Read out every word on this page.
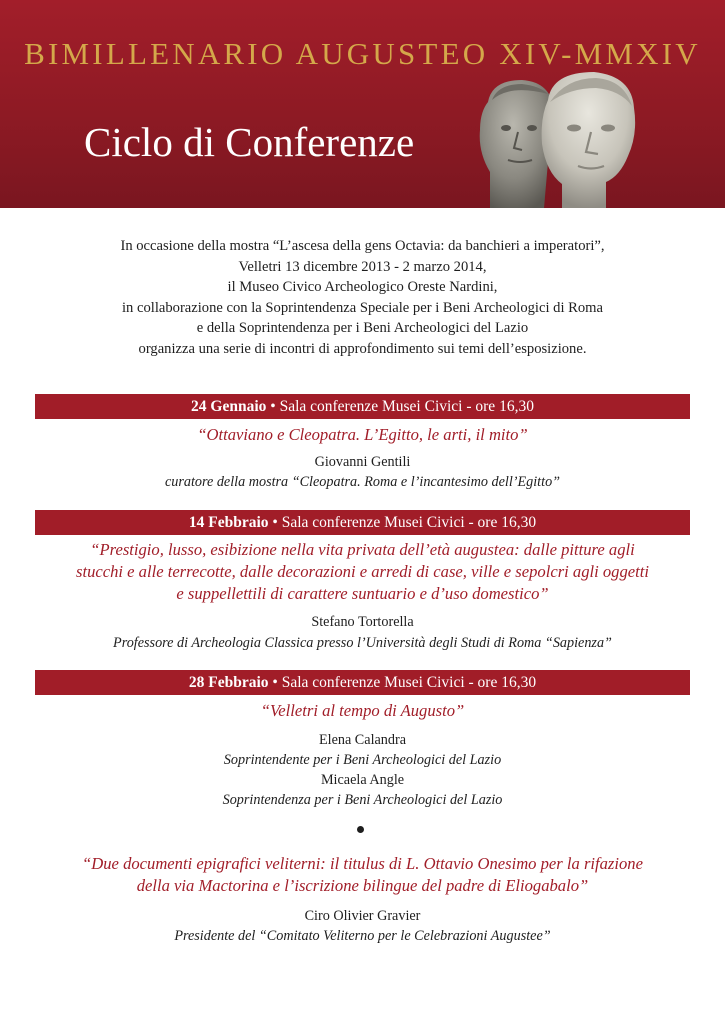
BIMILLENARIO AUGUSTEO XIV-MMXIV
Ciclo di Conferenze
In occasione della mostra “L’ascesa della gens Octavia: da banchieri a imperatori”,
Velletri 13 dicembre 2013 - 2 marzo 2014,
il Museo Civico Archeologico Oreste Nardini,
in collaborazione con la Soprintendenza Speciale per i Beni Archeologici di Roma
e della Soprintendenza per i Beni Archeologici del Lazio
organizza una serie di incontri di approfondimento sui temi dell’esposizione.
24 Gennaio • Sala conferenze Musei Civici - ore 16,30
“Ottaviano e Cleopatra. L’Egitto, le arti, il mito”
Giovanni Gentili
curatore della mostra “Cleopatra. Roma e l’incantesimo dell’Egitto”
14 Febbraio • Sala conferenze Musei Civici - ore 16,30
“Prestigio, lusso, esibizione nella vita privata dell’età augustea: dalle pitture agli
stucchi e alle terrecotte, dalle decorazioni e arredi di case, ville e sepolcri agli oggetti
e suppellettili di carattere suntuario e d’uso domestico”
Stefano Tortorella
Professore di Archeologia Classica presso l’Università degli Studi di Roma “Sapienza”
28 Febbraio • Sala conferenze Musei Civici - ore 16,30
“Velletri al tempo di Augusto”
Elena Calandra
Soprintendente per i Beni Archeologici del Lazio
Micaela Angle
Soprintendenza per i Beni Archeologici del Lazio
“Due documenti epigrafici veliterni: il titulus di L. Ottavio Onesimo per la rifazione
della via Mactorina e l’iscrizione bilingue del padre di Eliogabalo”
Ciro Olivier Gravier
Presidente del “Comitato Veliterno per le Celebrazioni Augustee”
